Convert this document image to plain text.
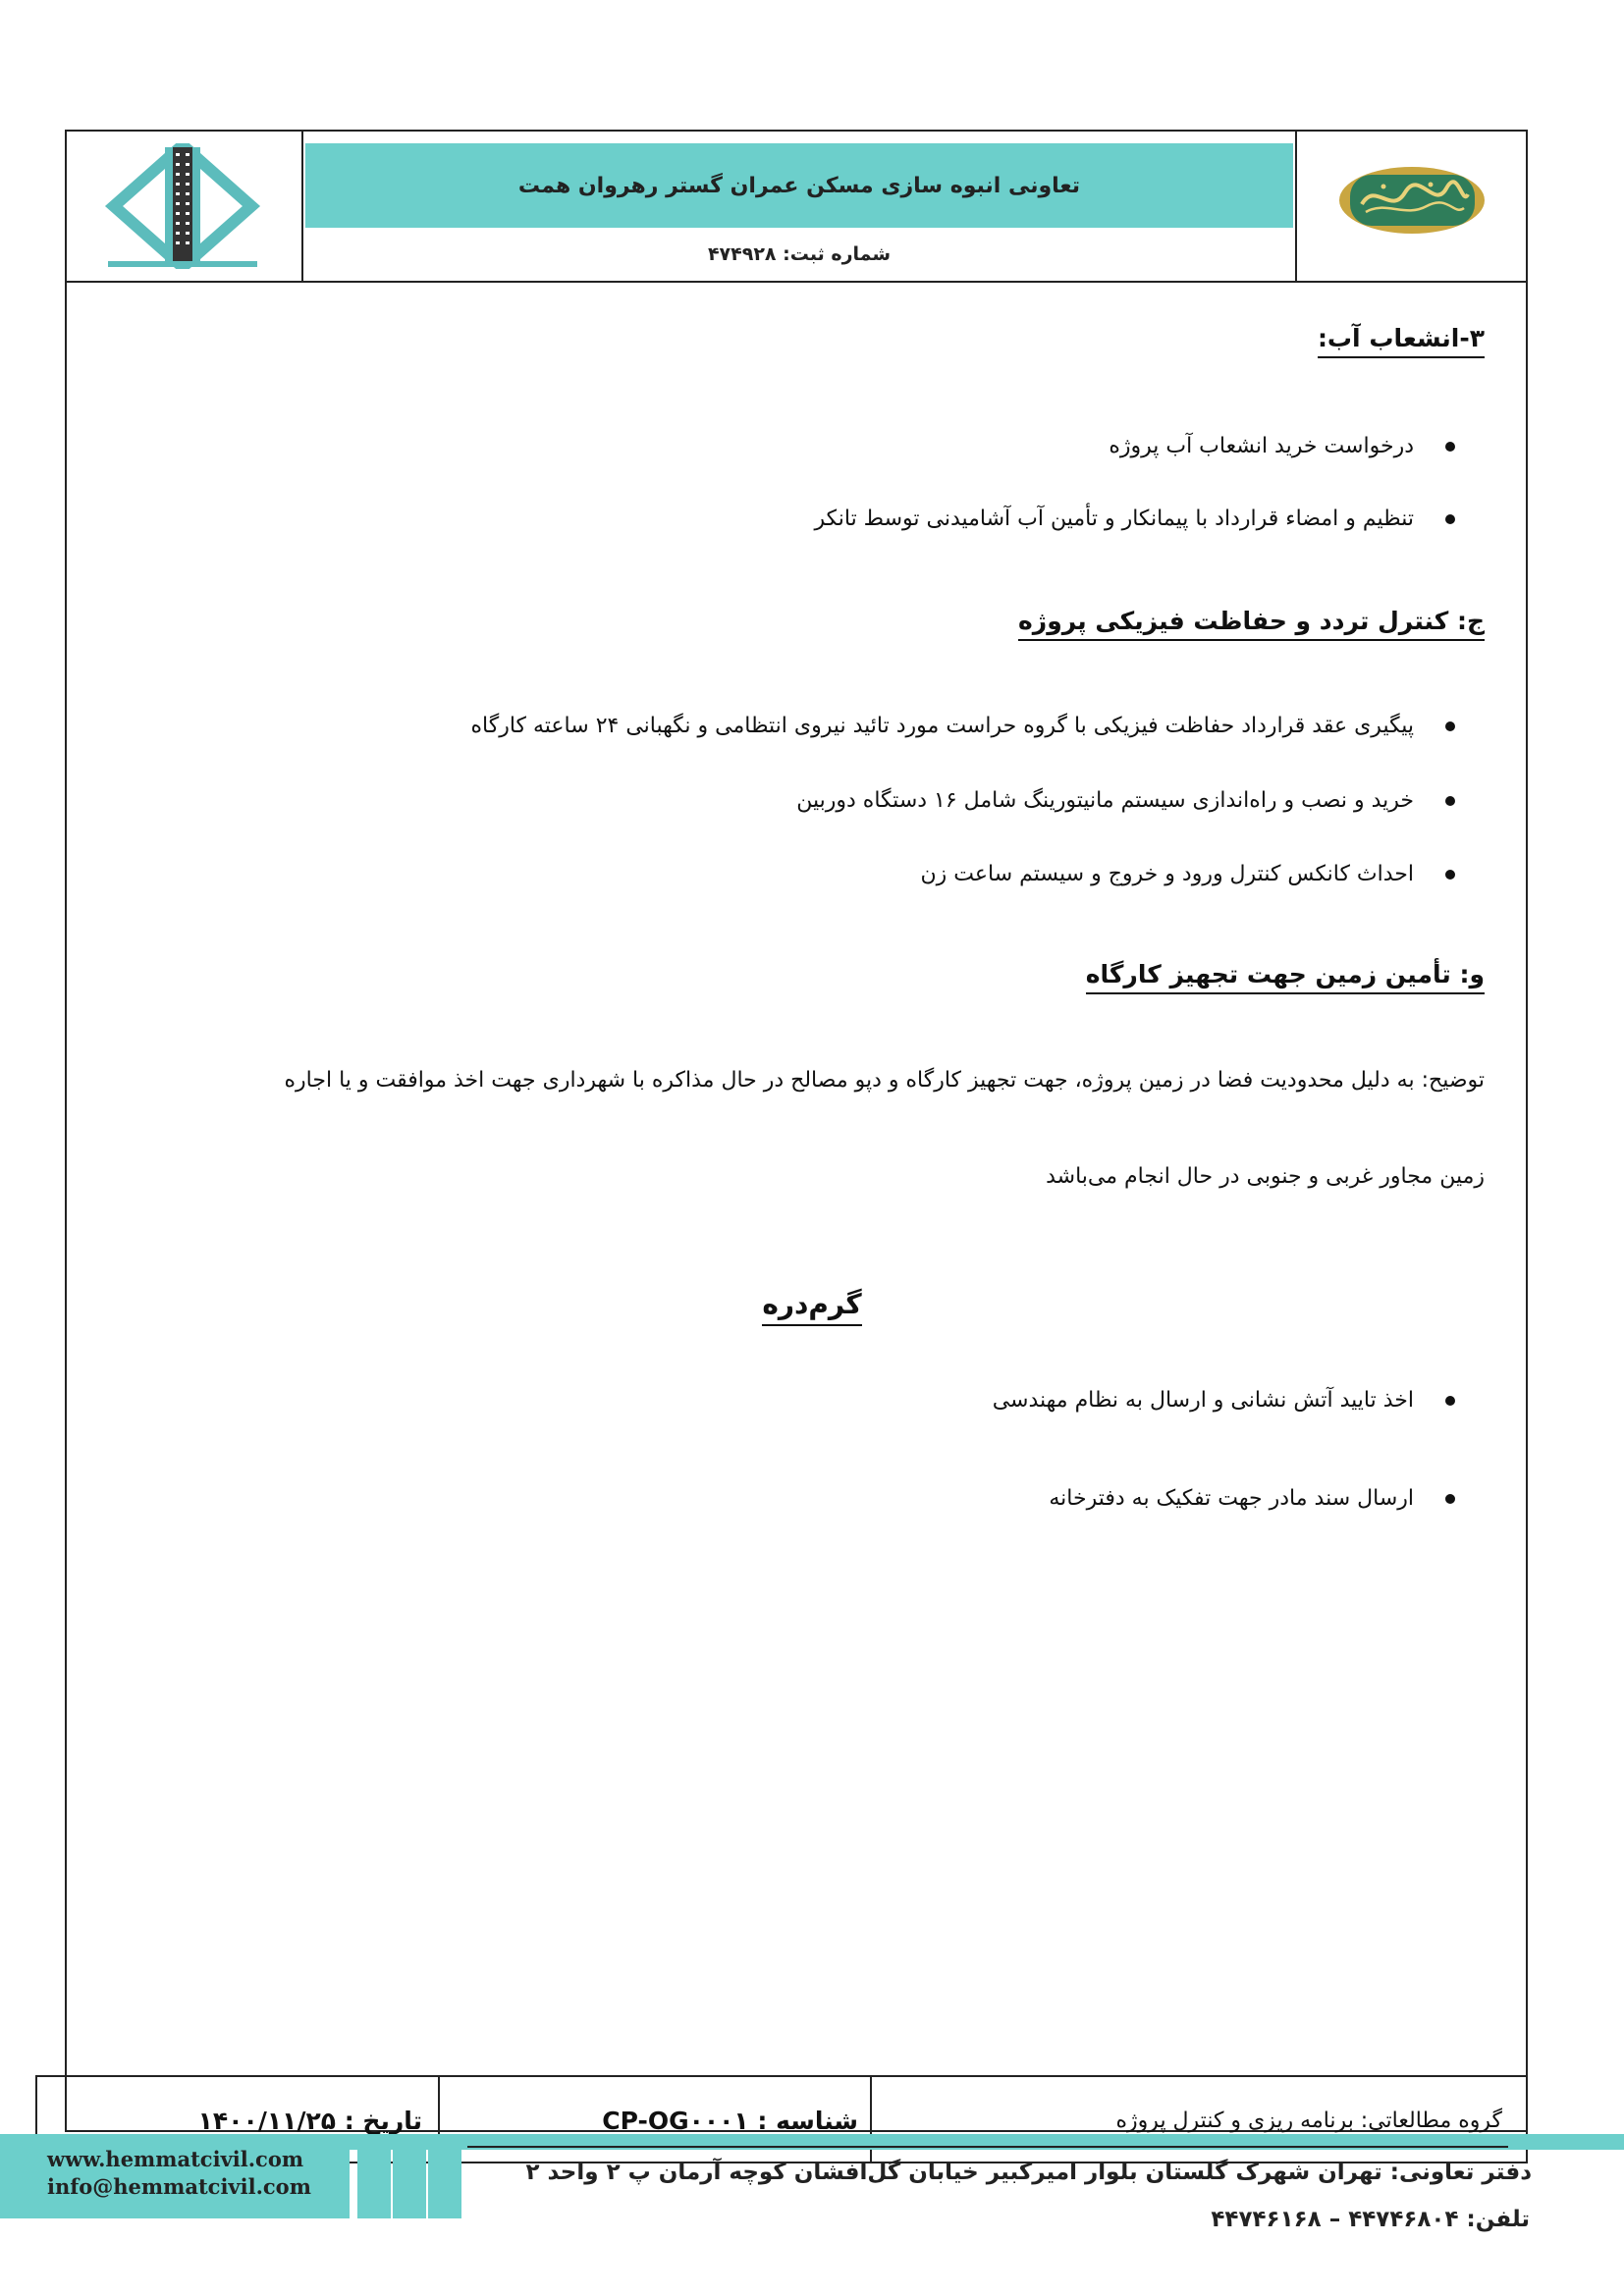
تعاونی انبوه سازی مسکن عمران گستر رهروان همت
شماره ثبت: ۴۷۴۹۲۸
۳-انشعاب آب:
درخواست خرید انشعاب آب پروژه
تنظیم و امضاء قرارداد با پیمانکار و تأمین آب آشامیدنی توسط تانکر
ج: کنترل تردد و حفاظت فیزیکی پروژه
پیگیری عقد قرارداد حفاظت فیزیکی با گروه حراست مورد تائید نیروی انتظامی و نگهبانی ۲۴ ساعته کارگاه
خرید و نصب و راه‌اندازی سیستم مانیتورینگ شامل ۱۶ دستگاه دوربین
احداث کانکس کنترل ورود و خروج و سیستم ساعت زن
و: تأمین زمین جهت تجهیز کارگاه
توضیح: به دلیل محدودیت فضا در زمین پروژه، جهت تجهیز کارگاه و دپو مصالح در حال مذاکره با شهرداری جهت اخذ موافقت و یا اجاره
زمین مجاور غربی و جنوبی در حال انجام می‌باشد
گرم‌دره
اخذ تایید آتش نشانی و ارسال به نظام مهندسی
ارسال سند مادر جهت تفکیک به دفترخانه
گروه مطالعاتی: برنامه ریزی و کنترل پروژه
شناسه : CP-OG۰۰۰۱
تاریخ : ۱۴۰۰/۱۱/۲۵
www.hemmatcivil.com
info@hemmatcivil.com
دفتر تعاونی: تهران شهرک گلستان بلوار امیرکبیر خیابان گل‌افشان کوچه آرمان پ ۲ واحد ۲
تلفن: ۴۴۷۴۶۸۰۴ – ۴۴۷۴۶۱۶۸
